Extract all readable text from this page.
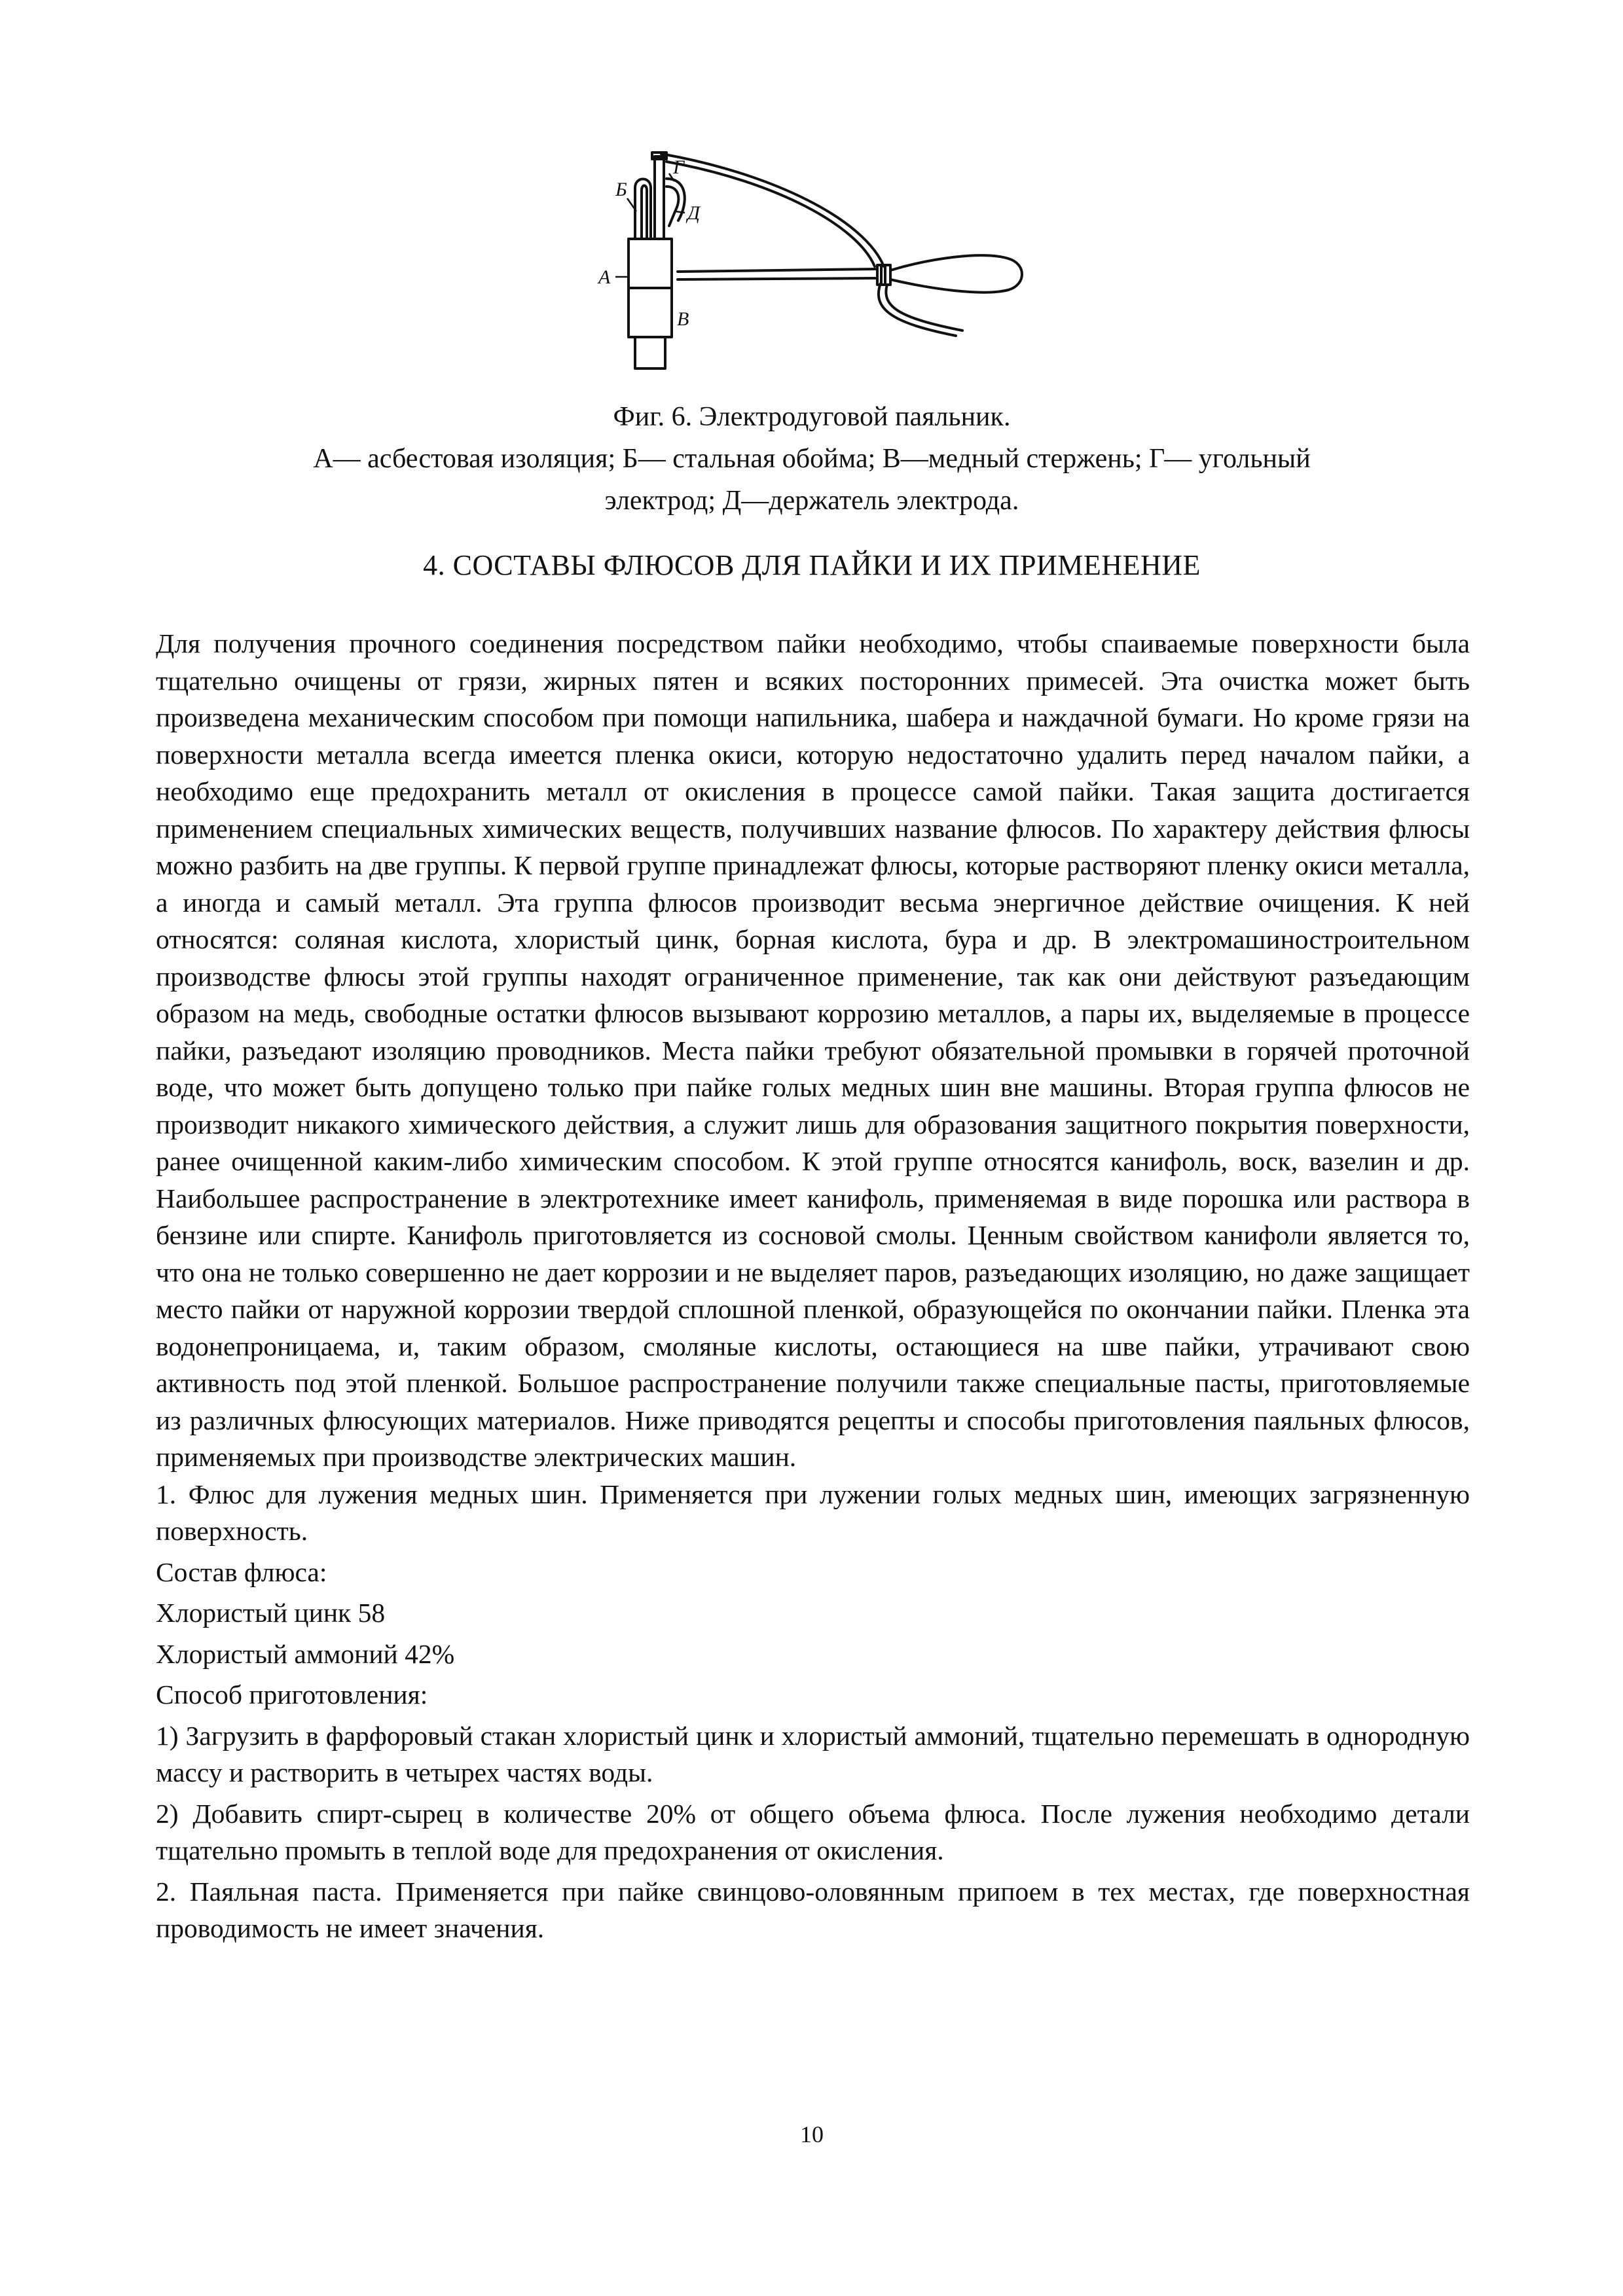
А
Б
В
Г
Д
Фиг. 6. Электродуговой паяльник.
А— асбестовая изоляция; Б— стальная обойма; В—медный стержень; Г— угольный
электрод; Д—держатель электрода.
4. СОСТАВЫ ФЛЮСОВ ДЛЯ ПАЙКИ И ИХ ПРИМЕНЕНИЕ

Для получения прочного соединения посредством пайки необходимо, чтобы спаиваемые поверхности была тщательно очищены от грязи, жирных пятен и всяких посторонних примесей. Эта очистка может быть произведена механическим способом при помощи напильника, шабера и наждачной бумаги. Но кроме грязи на поверхности металла всегда имеется пленка окиси, которую недостаточно удалить перед началом пайки, а необходимо еще предохранить металл от окисления в процессе самой пайки. Такая защита достигается применением специальных химических веществ, получивших название флюсов. По характеру действия флюсы можно разбить на две группы. К первой группе принадлежат флюсы, которые растворяют пленку окиси металла, а иногда и самый металл. Эта группа флюсов производит весьма энергичное действие очищения. К ней относятся: соляная кислота, хлористый цинк, борная кислота, бура и др. В электромашиностроительном производстве флюсы этой группы находят ограниченное применение, так как они действуют разъедающим образом на медь, свободные остатки флюсов вызывают коррозию металлов, а пары их, выделяемые в процессе пайки, разъедают изоляцию проводников. Места пайки требуют обязательной промывки в горячей проточной воде, что может быть допущено только при пайке голых медных шин вне машины. Вторая группа флюсов не производит никакого химического действия, а служит лишь для образования защитного покрытия поверхности, ранее очищенной каким-либо химическим способом. К этой группе относятся канифоль, воск, вазелин и др. Наибольшее распространение в электротехнике имеет канифоль, применяемая в виде порошка или раствора в бензине или спирте. Канифоль приготовляется из сосновой смолы. Ценным свойством канифоли является то, что она не только совершенно не дает коррозии и не выделяет паров, разъедающих изоляцию, но даже защищает место пайки от наружной коррозии твердой сплошной пленкой, образующейся по окончании пайки. Пленка эта водонепроницаема, и, таким образом, смоляные кислоты, остающиеся на шве пайки, утрачивают свою активность под этой пленкой. Большое распространение получили также специальные пасты, приготовляемые из различных флюсующих материалов. Ниже приводятся рецепты и способы приготовления паяльных флюсов, применяемых при производстве электрических машин.

1. Флюс для лужения медных шин. Применяется при лужении голых медных шин, имеющих загрязненную поверхность.

Состав флюса:

Хлористый цинк 58

Хлористый аммоний 42%

Способ приготовления:

1) Загрузить в фарфоровый стакан хлористый цинк и хлористый аммоний, тщательно перемешать в однородную массу и растворить в четырех частях воды.

2) Добавить спирт-сырец в количестве 20% от общего объема флюса. После лужения необходимо детали тщательно промыть в теплой воде для предохранения от окисления.

2. Паяльная паста. Применяется при пайке свинцово-оловянным припоем в тех местах, где поверхностная проводимость не имеет значения.

10
